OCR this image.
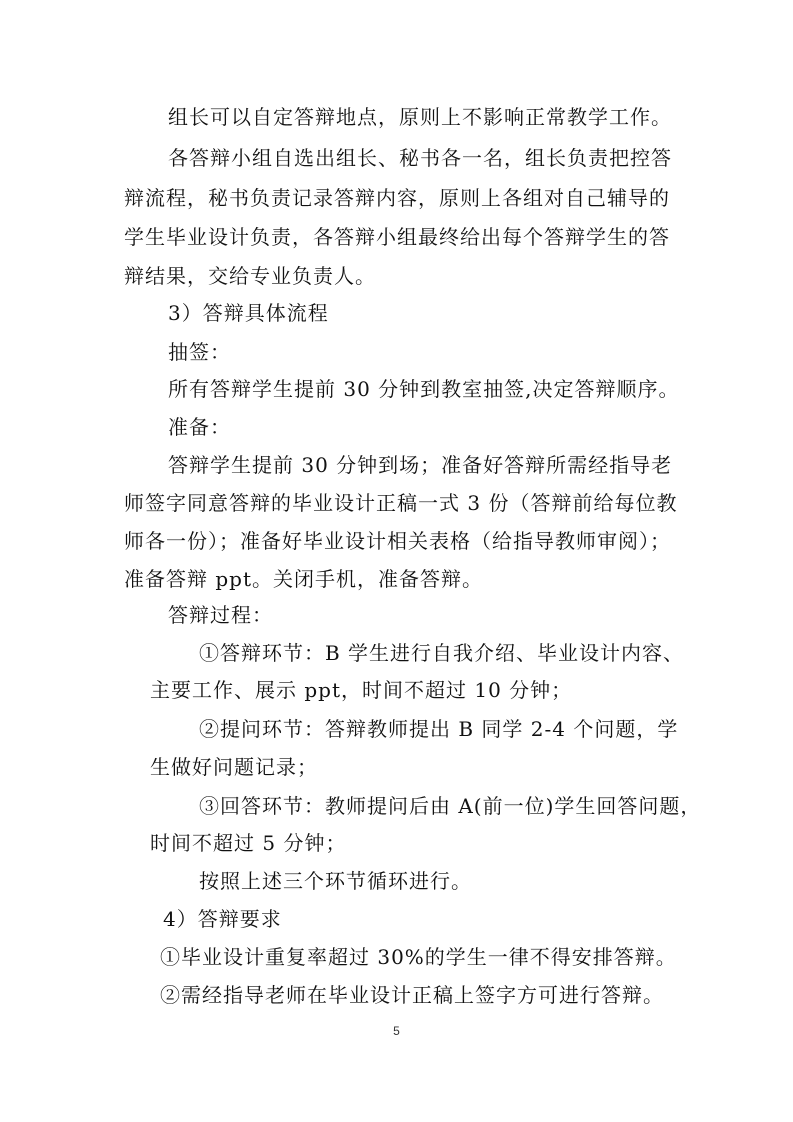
组长可以自定答辩地点，原则上不影响正常教学工作。
各答辩小组自选出组长、秘书各一名，组长负责把控答
辩流程，秘书负责记录答辩内容，原则上各组对自己辅导的
学生毕业设计负责，各答辩小组最终给出每个答辩学生的答
辩结果，交给专业负责人。
3）答辩具体流程
抽签：
所有答辩学生提前 30 分钟到教室抽签,决定答辩顺序。
准备：
答辩学生提前 30 分钟到场；准备好答辩所需经指导老
师签字同意答辩的毕业设计正稿一式 3 份（答辩前给每位教
师各一份）；准备好毕业设计相关表格（给指导教师审阅）；
准备答辩 ppt。关闭手机，准备答辩。
答辩过程：
①答辩环节：B 学生进行自我介绍、毕业设计内容、
主要工作、展示 ppt，时间不超过 10 分钟；
②提问环节：答辩教师提出 B 同学 2-4 个问题，学
生做好问题记录；
③回答环节：教师提问后由 A(前一位)学生回答问题，
时间不超过 5 分钟；
按照上述三个环节循环进行。
4）答辩要求
①毕业设计重复率超过 30%的学生一律不得安排答辩。
②需经指导老师在毕业设计正稿上签字方可进行答辩。
5
